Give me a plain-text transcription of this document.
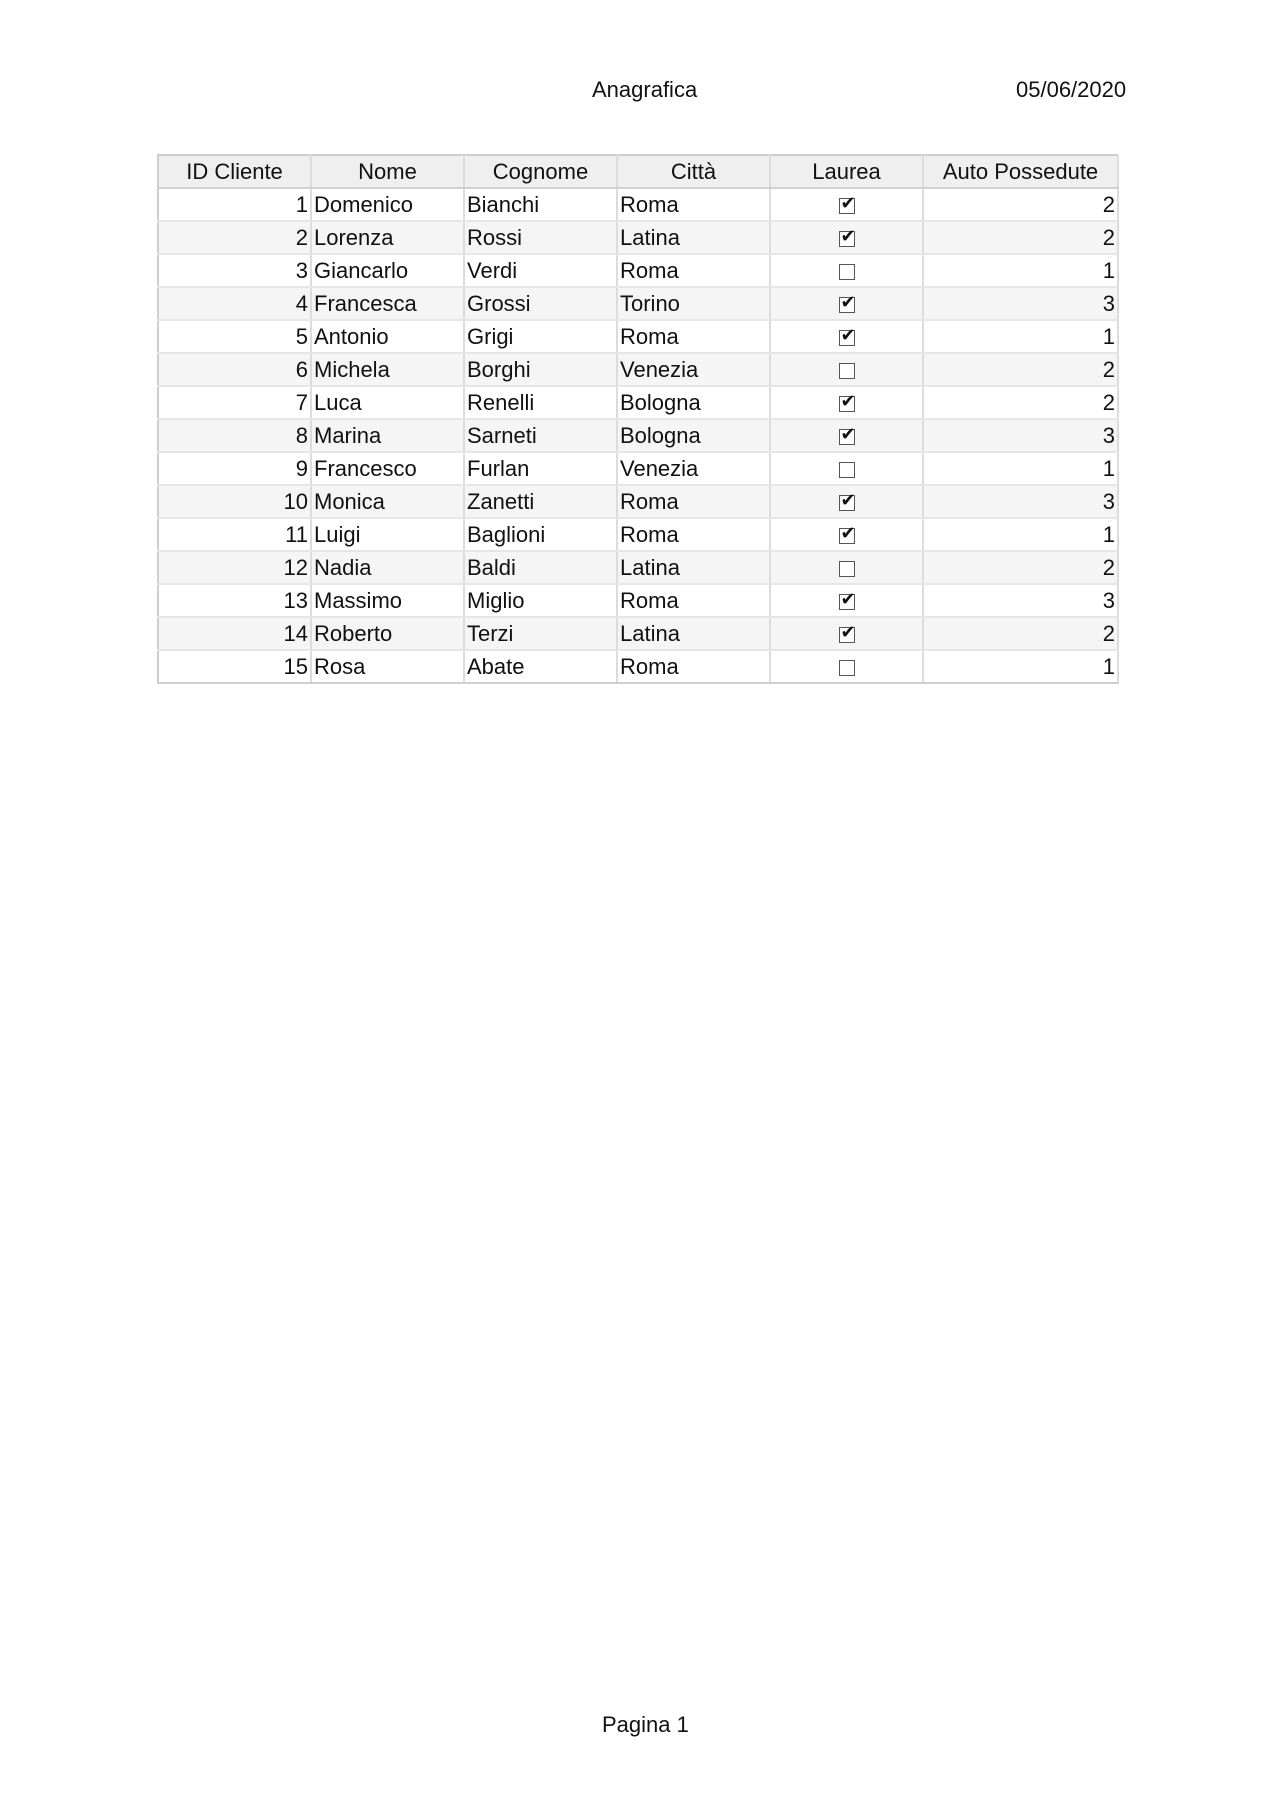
Anagrafica	05/06/2020
ID Cliente	Nome	Cognome	Città	Laurea	Auto Possedute
1	Domenico	Bianchi	Roma	✔	2
2	Lorenza	Rossi	Latina	✔	2
3	Giancarlo	Verdi	Roma		1
4	Francesca	Grossi	Torino	✔	3
5	Antonio	Grigi	Roma	✔	1
6	Michela	Borghi	Venezia		2
7	Luca	Renelli	Bologna	✔	2
8	Marina	Sarneti	Bologna	✔	3
9	Francesco	Furlan	Venezia		1
10	Monica	Zanetti	Roma	✔	3
11	Luigi	Baglioni	Roma	✔	1
12	Nadia	Baldi	Latina		2
13	Massimo	Miglio	Roma	✔	3
14	Roberto	Terzi	Latina	✔	2
15	Rosa	Abate	Roma		1
Pagina 1
